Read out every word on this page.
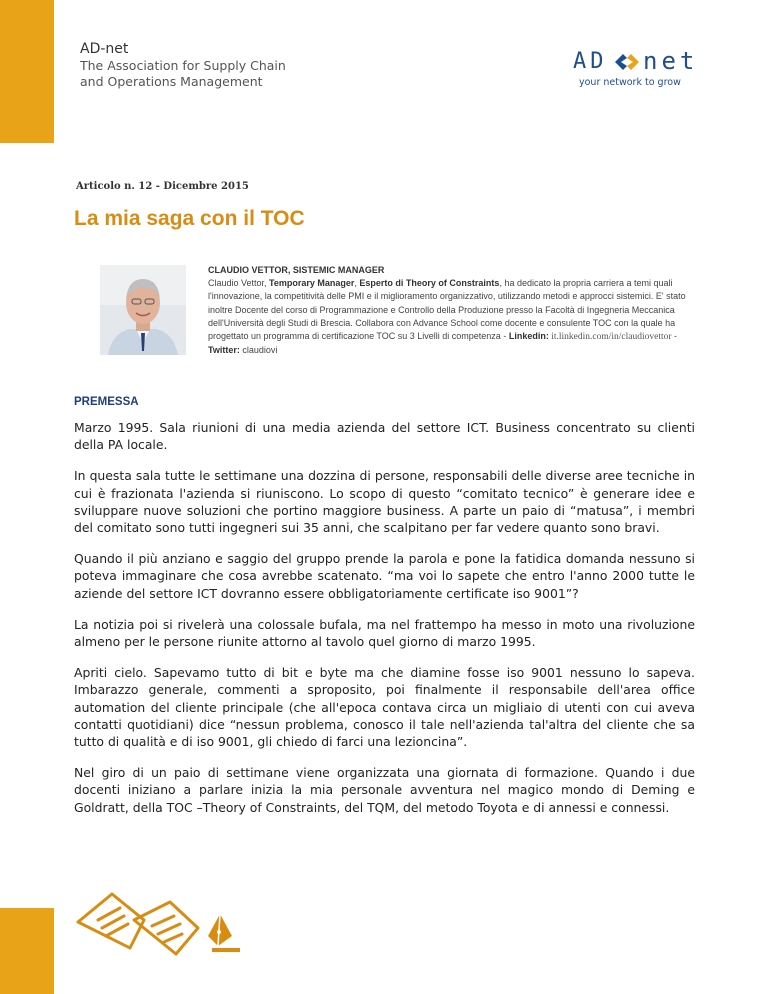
AD-net
The Association for Supply Chain
and Operations Management
AD net
your network to grow
Articolo n. 12 - Dicembre 2015
La mia saga con il TOC
CLAUDIO VETTOR, SISTEMIC MANAGER
Claudio Vettor, Temporary Manager, Esperto di Theory of Constraints, ha dedicato la propria carriera a temi quali l'innovazione, la competitività delle PMI e il miglioramento organizzativo, utilizzando metodi e approcci sistemici. E' stato inoltre Docente del corso di Programmazione e Controllo della Produzione presso la Facoltà di Ingegneria Meccanica dell'Università degli Studi di Brescia. Collabora con Advance School come docente e consulente TOC con la quale ha progettato un programma di certificazione TOC su 3 Livelli di competenza - Linkedin: it.linkedin.com/in/claudiovettor - Twitter: claudiovi
PREMESSA

Marzo 1995. Sala riunioni di una media azienda del settore ICT. Business concentrato su clienti della PA locale.

In questa sala tutte le settimane una dozzina di persone, responsabili delle diverse aree tecniche in cui è frazionata l'azienda si riuniscono. Lo scopo di questo “comitato tecnico” è generare idee e sviluppare nuove soluzioni che portino maggiore business. A parte un paio di “matusa”, i membri del comitato sono tutti ingegneri sui 35 anni, che scalpitano per far vedere quanto sono bravi.

Quando il più anziano e saggio del gruppo prende la parola e pone la fatidica domanda nessuno si poteva immaginare che cosa avrebbe scatenato. “ma voi lo sapete che entro l'anno 2000 tutte le aziende del settore ICT dovranno essere obbligatoriamente certificate iso 9001”?

La notizia poi si rivelerà una colossale bufala, ma nel frattempo ha messo in moto una rivoluzione almeno per le persone riunite attorno al tavolo quel giorno di marzo 1995.

Apriti cielo. Sapevamo tutto di bit e byte ma che diamine fosse iso 9001 nessuno lo sapeva. Imbarazzo generale, commenti a sproposito, poi finalmente il responsabile dell'area office automation del cliente principale (che all'epoca contava circa un migliaio di utenti con cui aveva contatti quotidiani) dice “nessun problema, conosco il tale nell'azienda tal'altra del cliente che sa tutto di qualità e di iso 9001, gli chiedo di farci una lezioncina”.

Nel giro di un paio di settimane viene organizzata una giornata di formazione. Quando i due docenti iniziano a parlare inizia la mia personale avventura nel magico mondo di Deming e Goldratt, della TOC –Theory of Constraints, del TQM, del metodo Toyota e di annessi e connessi.
